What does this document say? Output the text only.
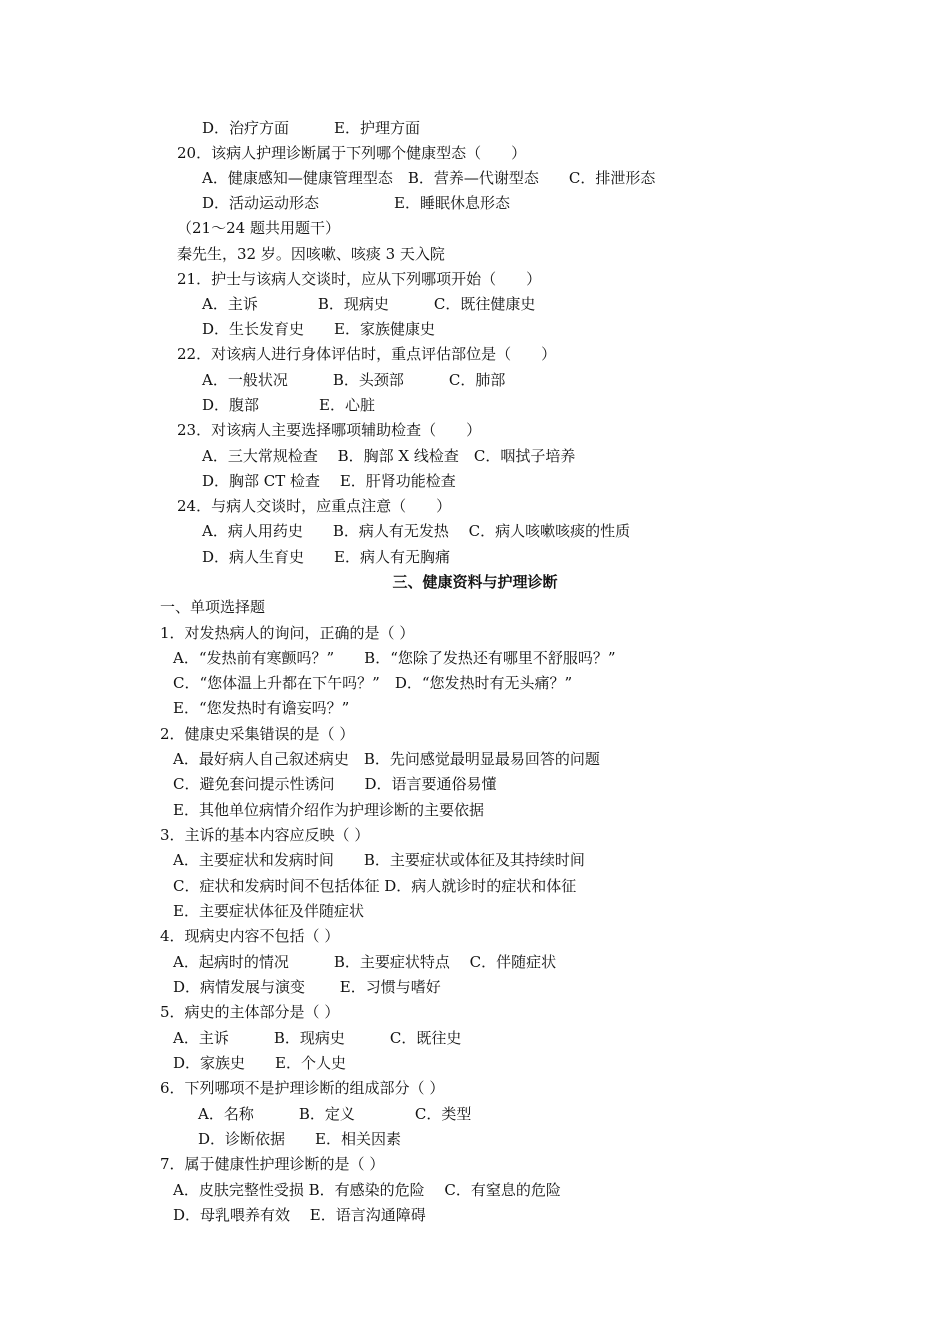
D．治疗方面　　　E．护理方面
20．该病人护理诊断属于下列哪个健康型态（　　）
A．健康感知—健康管理型态　B．营养—代谢型态　　C．排泄形态
D．活动运动形态　　　　　E．睡眠休息形态
（21～24 题共用题干）
秦先生，32 岁。因咳嗽、咳痰 3 天入院
21．护士与该病人交谈时，应从下列哪项开始（　　）
A．主诉　　　　B．现病史　　　C．既往健康史
D．生长发育史　　E．家族健康史
22．对该病人进行身体评估时，重点评估部位是（　　）
A．一般状况　　　B．头颈部　　　C．肺部
D．腹部　　　　E．心脏
23．对该病人主要选择哪项辅助检查（　　）
A．三大常规检查　 B．胸部 X 线检查　C．咽拭子培养
D．胸部 CT 检查　 E．肝肾功能检查
24．与病人交谈时，应重点注意（　　）
A．病人用药史　　B．病人有无发热　 C．病人咳嗽咳痰的性质
D．病人生育史　　E．病人有无胸痛
三、健康资料与护理诊断
一、单项选择题
1．对发热病人的询问，正确的是（ ）
A．“发热前有寒颤吗？”　　B．“您除了发热还有哪里不舒服吗？”
C．“您体温上升都在下午吗？”　D．“您发热时有无头痛？”
E．“您发热时有谵妄吗？”
2．健康史采集错误的是（ ）
A．最好病人自己叙述病史　B．先问感觉最明显最易回答的问题
C．避免套问提示性诱问　　D．语言要通俗易懂
E．其他单位病情介绍作为护理诊断的主要依据
3．主诉的基本内容应反映（ ）
A．主要症状和发病时间　　B．主要症状或体征及其持续时间
C．症状和发病时间不包括体征 D．病人就诊时的症状和体征
E．主要症状体征及伴随症状
4．现病史内容不包括（ ）
A．起病时的情况　　　B．主要症状特点　 C．伴随症状
D．病情发展与演变　　 E．习惯与嗜好
5．病史的主体部分是（ ）
A．主诉　　　B．现病史　　　C．既往史
D．家族史　　E．个人史
6．下列哪项不是护理诊断的组成部分（ ）
A．名称　　　B．定义　　　　C．类型
D．诊断依据　　E．相关因素
7．属于健康性护理诊断的是（ ）
A．皮肤完整性受损 B．有感染的危险　 C．有窒息的危险
D．母乳喂养有效　 E．语言沟通障碍
